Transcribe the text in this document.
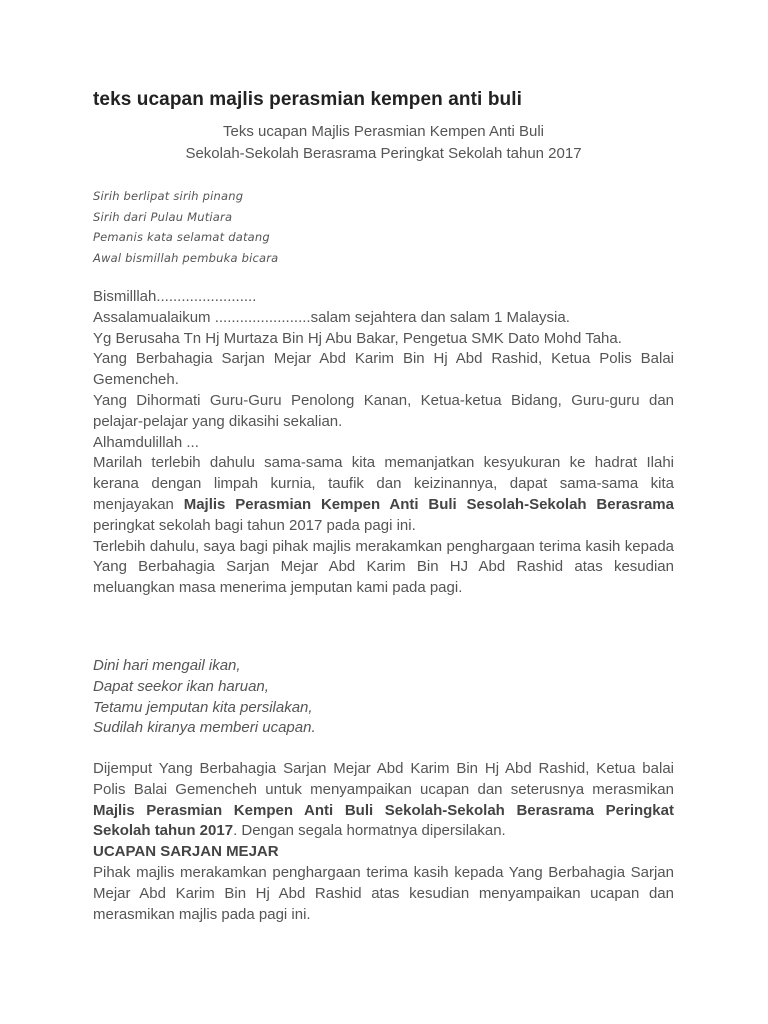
teks ucapan majlis perasmian kempen anti buli
Teks ucapan Majlis Perasmian Kempen Anti Buli
Sekolah-Sekolah Berasrama Peringkat Sekolah tahun 2017
Sirih berlipat sirih pinang
Sirih dari Pulau Mutiara
Pemanis kata selamat datang
Awal bismillah pembuka bicara

Bismilllah........................

Assalamualaikum .......................salam sejahtera dan salam 1 Malaysia.

Yg Berusaha Tn Hj Murtaza Bin Hj Abu Bakar, Pengetua SMK Dato Mohd Taha.

Yang Berbahagia Sarjan Mejar Abd Karim Bin Hj Abd Rashid, Ketua Polis Balai Gemencheh.

Yang Dihormati Guru-Guru Penolong Kanan, Ketua-ketua Bidang, Guru-guru dan pelajar-pelajar yang dikasihi sekalian.

Alhamdulillah ...

Marilah terlebih dahulu sama-sama kita memanjatkan kesyukuran ke hadrat Ilahi kerana dengan limpah kurnia, taufik dan keizinannya, dapat sama-sama kita menjayakan Majlis Perasmian Kempen Anti Buli Sesolah-Sekolah Berasrama peringkat sekolah bagi tahun 2017 pada pagi ini.

Terlebih dahulu, saya bagi pihak majlis merakamkan penghargaan terima kasih kepada Yang Berbahagia Sarjan Mejar Abd Karim Bin HJ Abd Rashid atas kesudian meluangkan masa menerima jemputan kami pada pagi.

Dini hari mengail ikan,
Dapat seekor ikan haruan,
Tetamu jemputan kita persilakan,
Sudilah kiranya memberi ucapan.

Dijemput Yang Berbahagia Sarjan Mejar Abd Karim Bin Hj Abd Rashid, Ketua balai Polis Balai Gemencheh untuk menyampaikan ucapan dan seterusnya merasmikan Majlis Perasmian Kempen Anti Buli Sekolah-Sekolah Berasrama Peringkat Sekolah tahun 2017. Dengan segala hormatnya dipersilakan.

UCAPAN SARJAN MEJAR

Pihak majlis merakamkan penghargaan terima kasih kepada Yang Berbahagia Sarjan Mejar Abd Karim Bin Hj Abd Rashid atas kesudian menyampaikan ucapan dan merasmikan majlis pada pagi ini.
